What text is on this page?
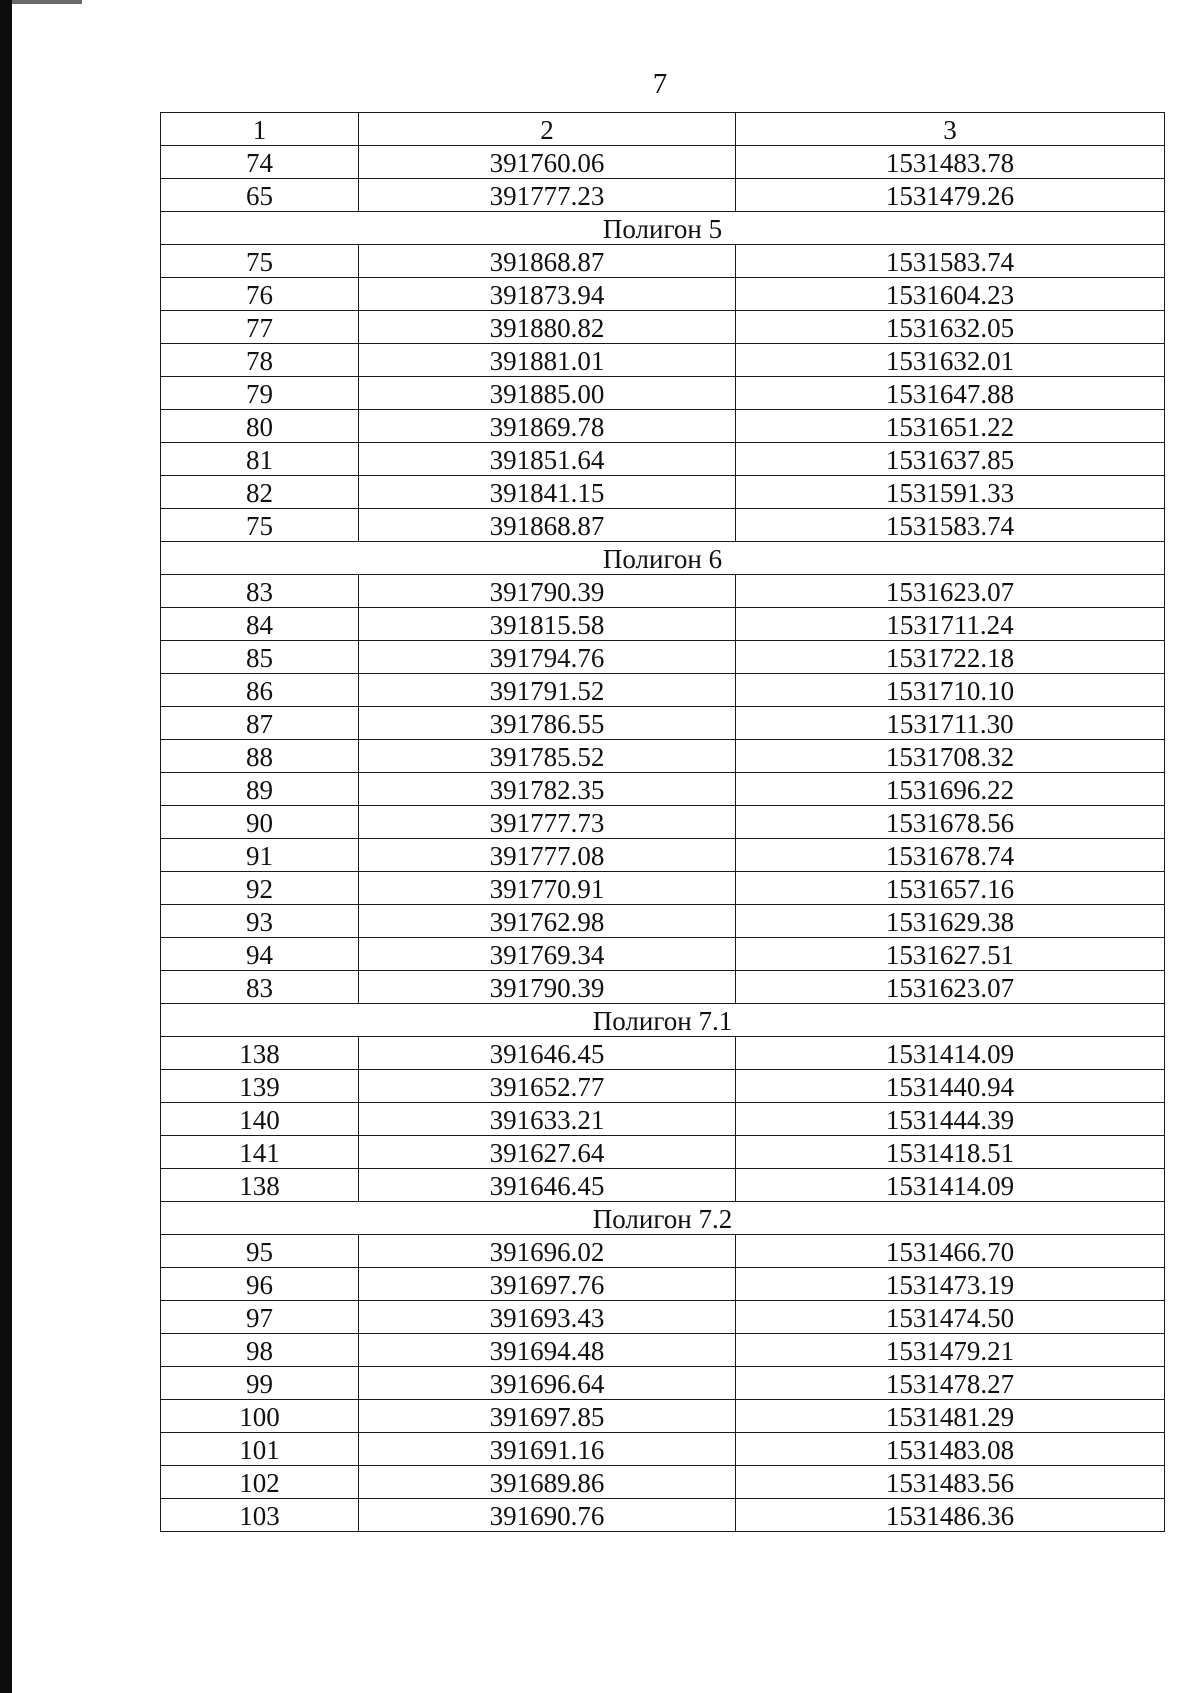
7
1	2	3
74	391760.06	1531483.78
65	391777.23	1531479.26
Полигон 5		
75	391868.87	1531583.74
76	391873.94	1531604.23
77	391880.82	1531632.05
78	391881.01	1531632.01
79	391885.00	1531647.88
80	391869.78	1531651.22
81	391851.64	1531637.85
82	391841.15	1531591.33
75	391868.87	1531583.74
Полигон 6		
83	391790.39	1531623.07
84	391815.58	1531711.24
85	391794.76	1531722.18
86	391791.52	1531710.10
87	391786.55	1531711.30
88	391785.52	1531708.32
89	391782.35	1531696.22
90	391777.73	1531678.56
91	391777.08	1531678.74
92	391770.91	1531657.16
93	391762.98	1531629.38
94	391769.34	1531627.51
83	391790.39	1531623.07
Полигон 7.1		
138	391646.45	1531414.09
139	391652.77	1531440.94
140	391633.21	1531444.39
141	391627.64	1531418.51
138	391646.45	1531414.09
Полигон 7.2		
95	391696.02	1531466.70
96	391697.76	1531473.19
97	391693.43	1531474.50
98	391694.48	1531479.21
99	391696.64	1531478.27
100	391697.85	1531481.29
101	391691.16	1531483.08
102	391689.86	1531483.56
103	391690.76	1531486.36
